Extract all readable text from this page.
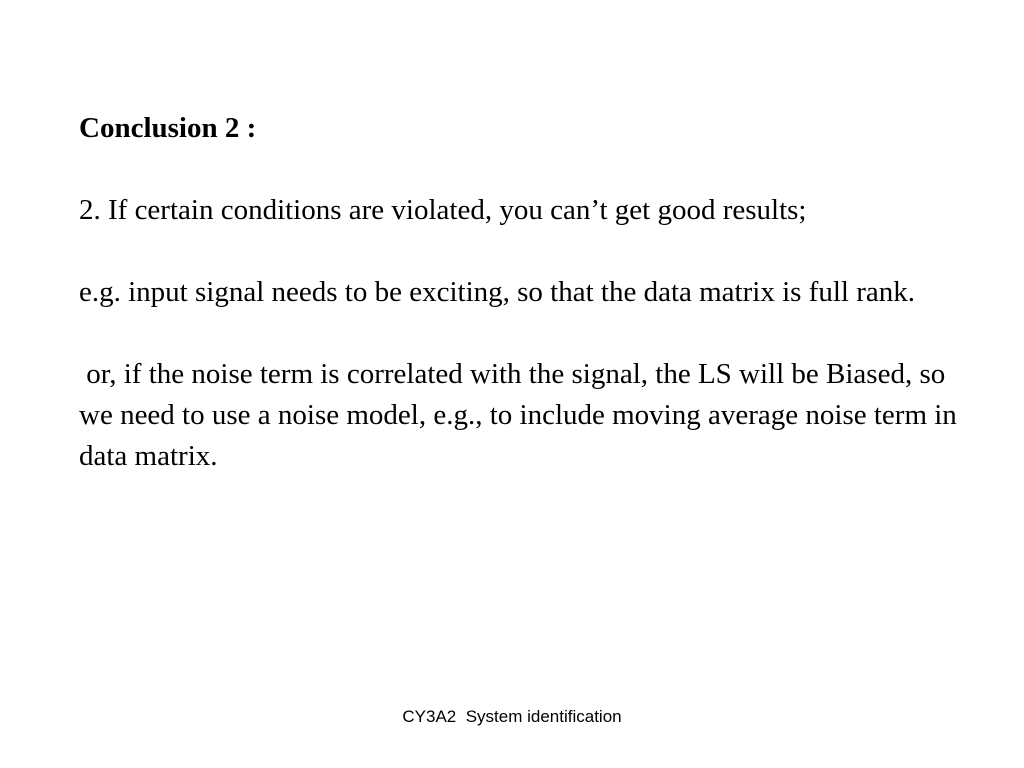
Conclusion 2 :

2. If certain conditions are violated, you can’t get good results;

e.g. input signal needs to be exciting, so that the data matrix is full rank.

or, if the noise term is correlated with the signal, the LS will be Biased, so we need to use a noise model, e.g., to include moving average noise term in data matrix.

CY3A2  System identification
